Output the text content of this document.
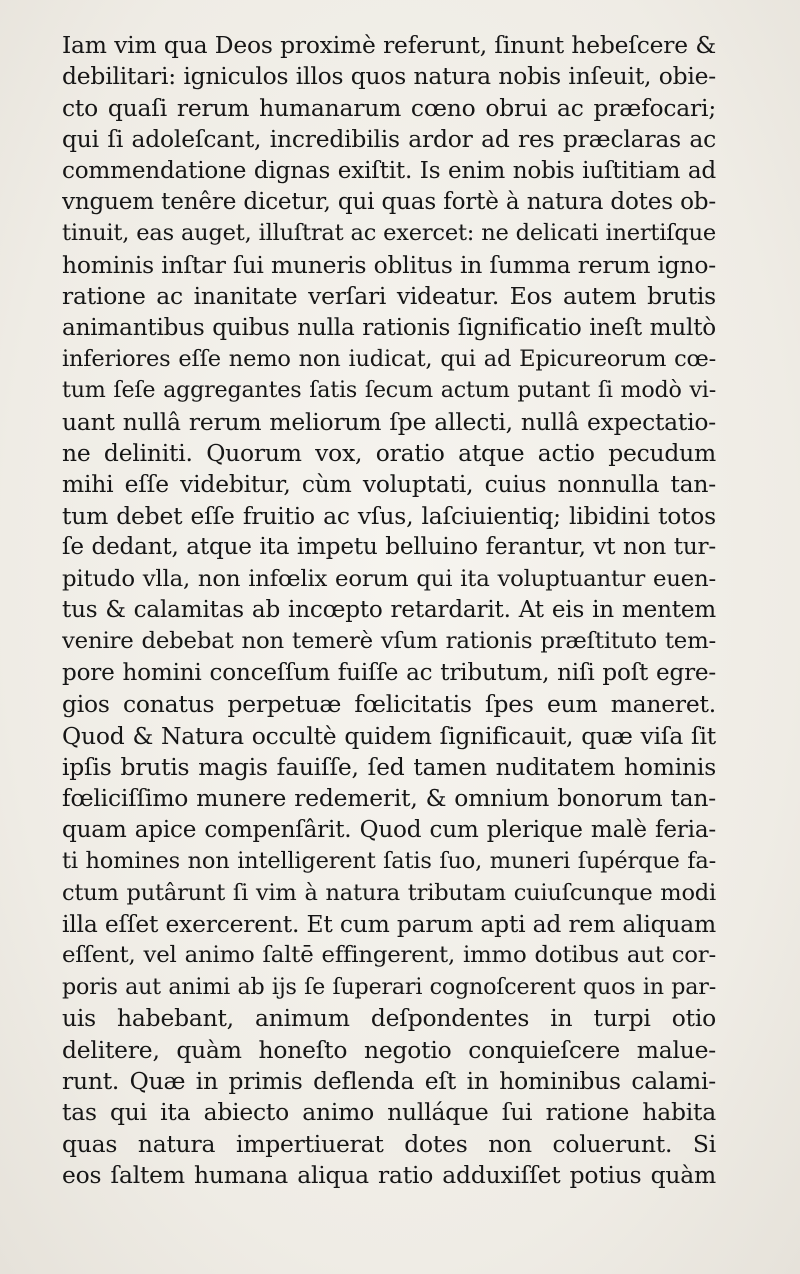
Iam vim qua Deos proximè referunt, ſinunt hebeſcere &
debilitari: igniculos illos quos natura nobis inſeuit, obie-
cto quaſi rerum humanarum cœno obrui ac præfocari;
qui ſi adoleſcant, incredibilis ardor ad res præclaras ac
commendatione dignas exiſtit. Is enim nobis iuſtitiam ad
vnguem tenêre dicetur, qui quas fortè à natura dotes ob-
tinuit, eas auget, illuſtrat ac exercet: ne delicati inertiſque
hominis inſtar ſui muneris oblitus in ſumma rerum igno-
ratione ac inanitate verſari videatur. Eos autem brutis
animantibus quibus nulla rationis ſignificatio ineſt multò
inferiores eſſe nemo non iudicat, qui ad Epicureorum cœ-
tum ſeſe aggregantes ſatis ſecum actum putant ſi modò vi-
uant nullâ rerum meliorum ſpe allecti, nullâ expectatio-
ne deliniti. Quorum vox, oratio atque actio pecudum
mihi eſſe videbitur, cùm voluptati, cuius nonnulla tan-
tum debet eſſe fruitio ac vſus, laſciuientiq; libidini totos
ſe dedant, atque ita impetu belluino ferantur, vt non tur-
pitudo vlla, non infœlix eorum qui ita voluptuantur euen-
tus & calamitas ab incœpto retardarit. At eis in mentem
venire debebat non temerè vſum rationis præſtituto tem-
pore homini conceſſum fuiſſe ac tributum, niſi poſt egre-
gios conatus perpetuæ fœlicitatis ſpes eum maneret.
Quod & Natura occultè quidem ſignificauit, quæ viſa ſit
ipſis brutis magis fauiſſe, ſed tamen nuditatem hominis
fœliciſſimo munere redemerit, & omnium bonorum tan-
quam apice compenſârit. Quod cum plerique malè feria-
ti homines non intelligerent ſatis ſuo, muneri ſupérque fa-
ctum putârunt ſi vim à natura tributam cuiuſcunque modi
illa eſſet exercerent. Et cum parum apti ad rem aliquam
eſſent, vel animo ſaltē effingerent, immo dotibus aut cor-
poris aut animi ab ijs ſe ſuperari cognoſcerent quos in par-
uis habebant, animum deſpondentes in turpi otio
delitere, quàm honeſto negotio conquieſcere malue-
runt. Quæ in primis deflenda eſt in hominibus calami-
tas qui ita abiecto animo nulláque ſui ratione habita
quas natura impertiuerat dotes non coluerunt. Si
eos ſaltem humana aliqua ratio adduxiſſet potius quàm
